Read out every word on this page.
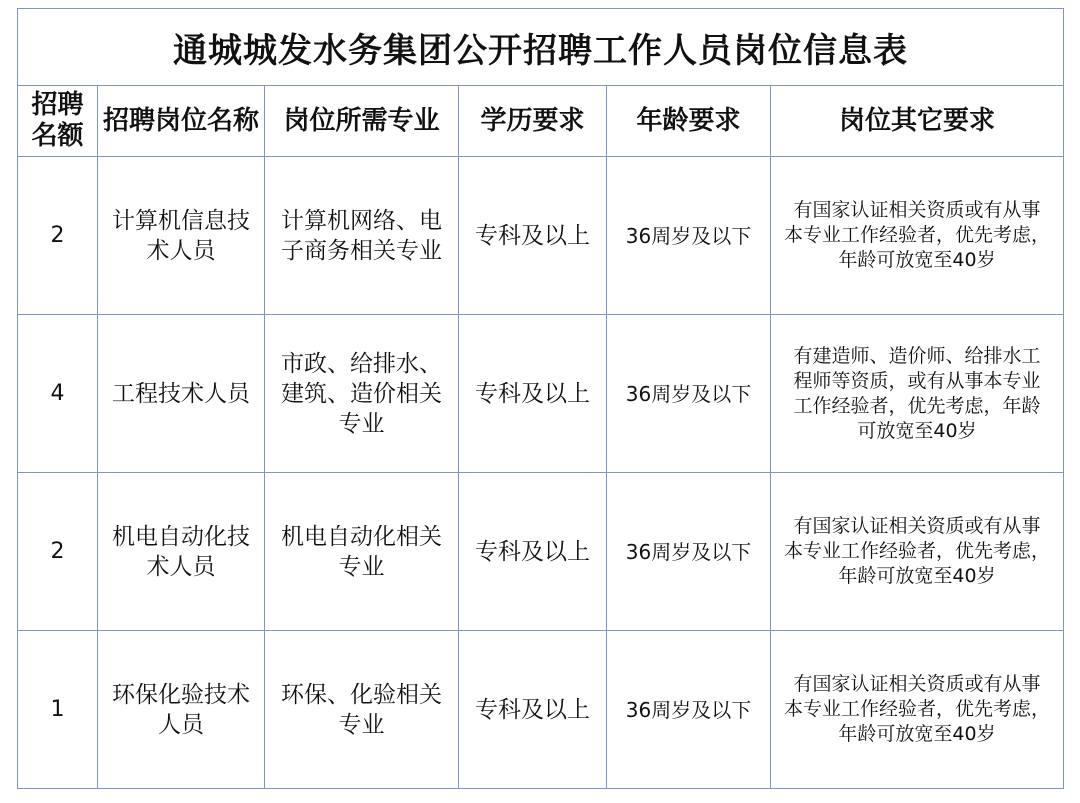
通城城发水务集团公开招聘工作人员岗位信息表					

招聘
名额	招聘岗位名称	岗位所需专业	学历要求	年龄要求	岗位其它要求

2	计算机信息技
术人员	计算机网络、电
子商务相关专业	专科及以上	36周岁及以下	有国家认证相关资质或有从事
本专业工作经验者，优先考虑，
年龄可放宽至40岁

4	工程技术人员	市政、给排水、
建筑、造价相关
专业	专科及以上	36周岁及以下	有建造师、造价师、给排水工
程师等资质，或有从事本专业
工作经验者，优先考虑，年龄
可放宽至40岁

2	机电自动化技
术人员	机电自动化相关
专业	专科及以上	36周岁及以下	有国家认证相关资质或有从事
本专业工作经验者，优先考虑，
年龄可放宽至40岁

1	环保化验技术
人员	环保、化验相关
专业	专科及以上	36周岁及以下	有国家认证相关资质或有从事
本专业工作经验者，优先考虑，
年龄可放宽至40岁
